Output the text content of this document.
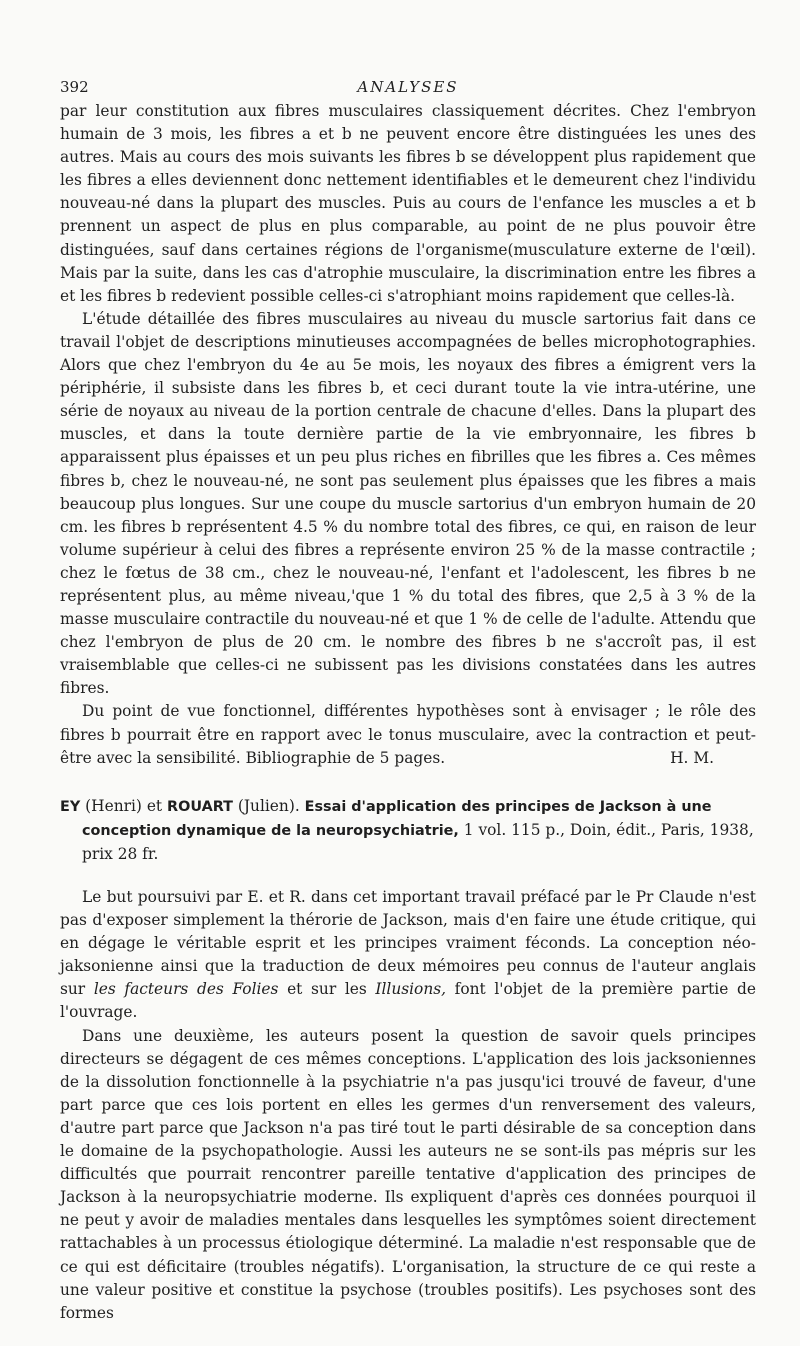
392	ANALYSES

par leur constitution aux fibres musculaires classiquement décrites. Chez l'embryon humain de 3 mois, les fibres a et b ne peuvent encore être distinguées les unes des autres. Mais au cours des mois suivants les fibres b se développent plus rapidement que les fibres a elles deviennent donc nettement identifiables et le demeurent chez l'individu nouveau-né dans la plupart des muscles. Puis au cours de l'enfance les muscles a et b prennent un aspect de plus en plus comparable, au point de ne plus pouvoir être distinguées, sauf dans certaines régions de l'organisme(musculature externe de l'œil). Mais par la suite, dans les cas d'atrophie musculaire, la discrimination entre les fibres a et les fibres b redevient possible celles-ci s'atrophiant moins rapidement que celles-là.

L'étude détaillée des fibres musculaires au niveau du muscle sartorius fait dans ce travail l'objet de descriptions minutieuses accompagnées de belles microphotographies. Alors que chez l'embryon du 4e au 5e mois, les noyaux des fibres a émigrent vers la périphérie, il subsiste dans les fibres b, et ceci durant toute la vie intra-utérine, une série de noyaux au niveau de la portion centrale de chacune d'elles. Dans la plupart des muscles, et dans la toute dernière partie de la vie embryonnaire, les fibres b apparaissent plus épaisses et un peu plus riches en fibrilles que les fibres a. Ces mêmes fibres b, chez le nouveau-né, ne sont pas seulement plus épaisses que les fibres a mais beaucoup plus longues. Sur une coupe du muscle sartorius d'un embryon humain de 20 cm. les fibres b représentent 4.5 % du nombre total des fibres, ce qui, en raison de leur volume supérieur à celui des fibres a représente environ 25 % de la masse contractile ; chez le fœtus de 38 cm., chez le nouveau-né, l'enfant et l'adolescent, les fibres b ne représentent plus, au même niveau,'que 1 % du total des fibres, que 2,5 à 3 % de la masse musculaire contractile du nouveau-né et que 1 % de celle de l'adulte. Attendu que chez l'embryon de plus de 20 cm. le nombre des fibres b ne s'accroît pas, il est vraisemblable que celles-ci ne subissent pas les divisions constatées dans les autres fibres.

Du point de vue fonctionnel, différentes hypothèses sont à envisager ; le rôle des fibres b pourrait être en rapport avec le tonus musculaire, avec la contraction et peut-être avec la sensibilité. Bibliographie de 5 pages.	H. M.

EY (Henri) et ROUART (Julien). Essai d'application des principes de Jackson à une conception dynamique de la neuropsychiatrie, 1 vol. 115 p., Doin, édit., Paris, 1938, prix 28 fr.

Le but poursuivi par E. et R. dans cet important travail préfacé par le Pr Claude n'est pas d'exposer simplement la thérorie de Jackson, mais d'en faire une étude critique, qui en dégage le véritable esprit et les principes vraiment féconds. La conception néo-jaksonienne ainsi que la traduction de deux mémoires peu connus de l'auteur anglais sur les facteurs des Folies et sur les Illusions, font l'objet de la première partie de l'ouvrage.

Dans une deuxième, les auteurs posent la question de savoir quels principes directeurs se dégagent de ces mêmes conceptions. L'application des lois jacksoniennes de la dissolution fonctionnelle à la psychiatrie n'a pas jusqu'ici trouvé de faveur, d'une part parce que ces lois portent en elles les germes d'un renversement des valeurs, d'autre part parce que Jackson n'a pas tiré tout le parti désirable de sa conception dans le domaine de la psychopathologie. Aussi les auteurs ne se sont-ils pas mépris sur les difficultés que pourrait rencontrer pareille tentative d'application des principes de Jackson à la neuropsychiatrie moderne. Ils expliquent d'après ces données pourquoi il ne peut y avoir de maladies mentales dans lesquelles les symptômes soient directement rattachables à un processus étiologique déterminé. La maladie n'est responsable que de ce qui est déficitaire (troubles négatifs). L'organisation, la structure de ce qui reste a une valeur positive et constitue la psychose (troubles positifs). Les psychoses sont des formes
